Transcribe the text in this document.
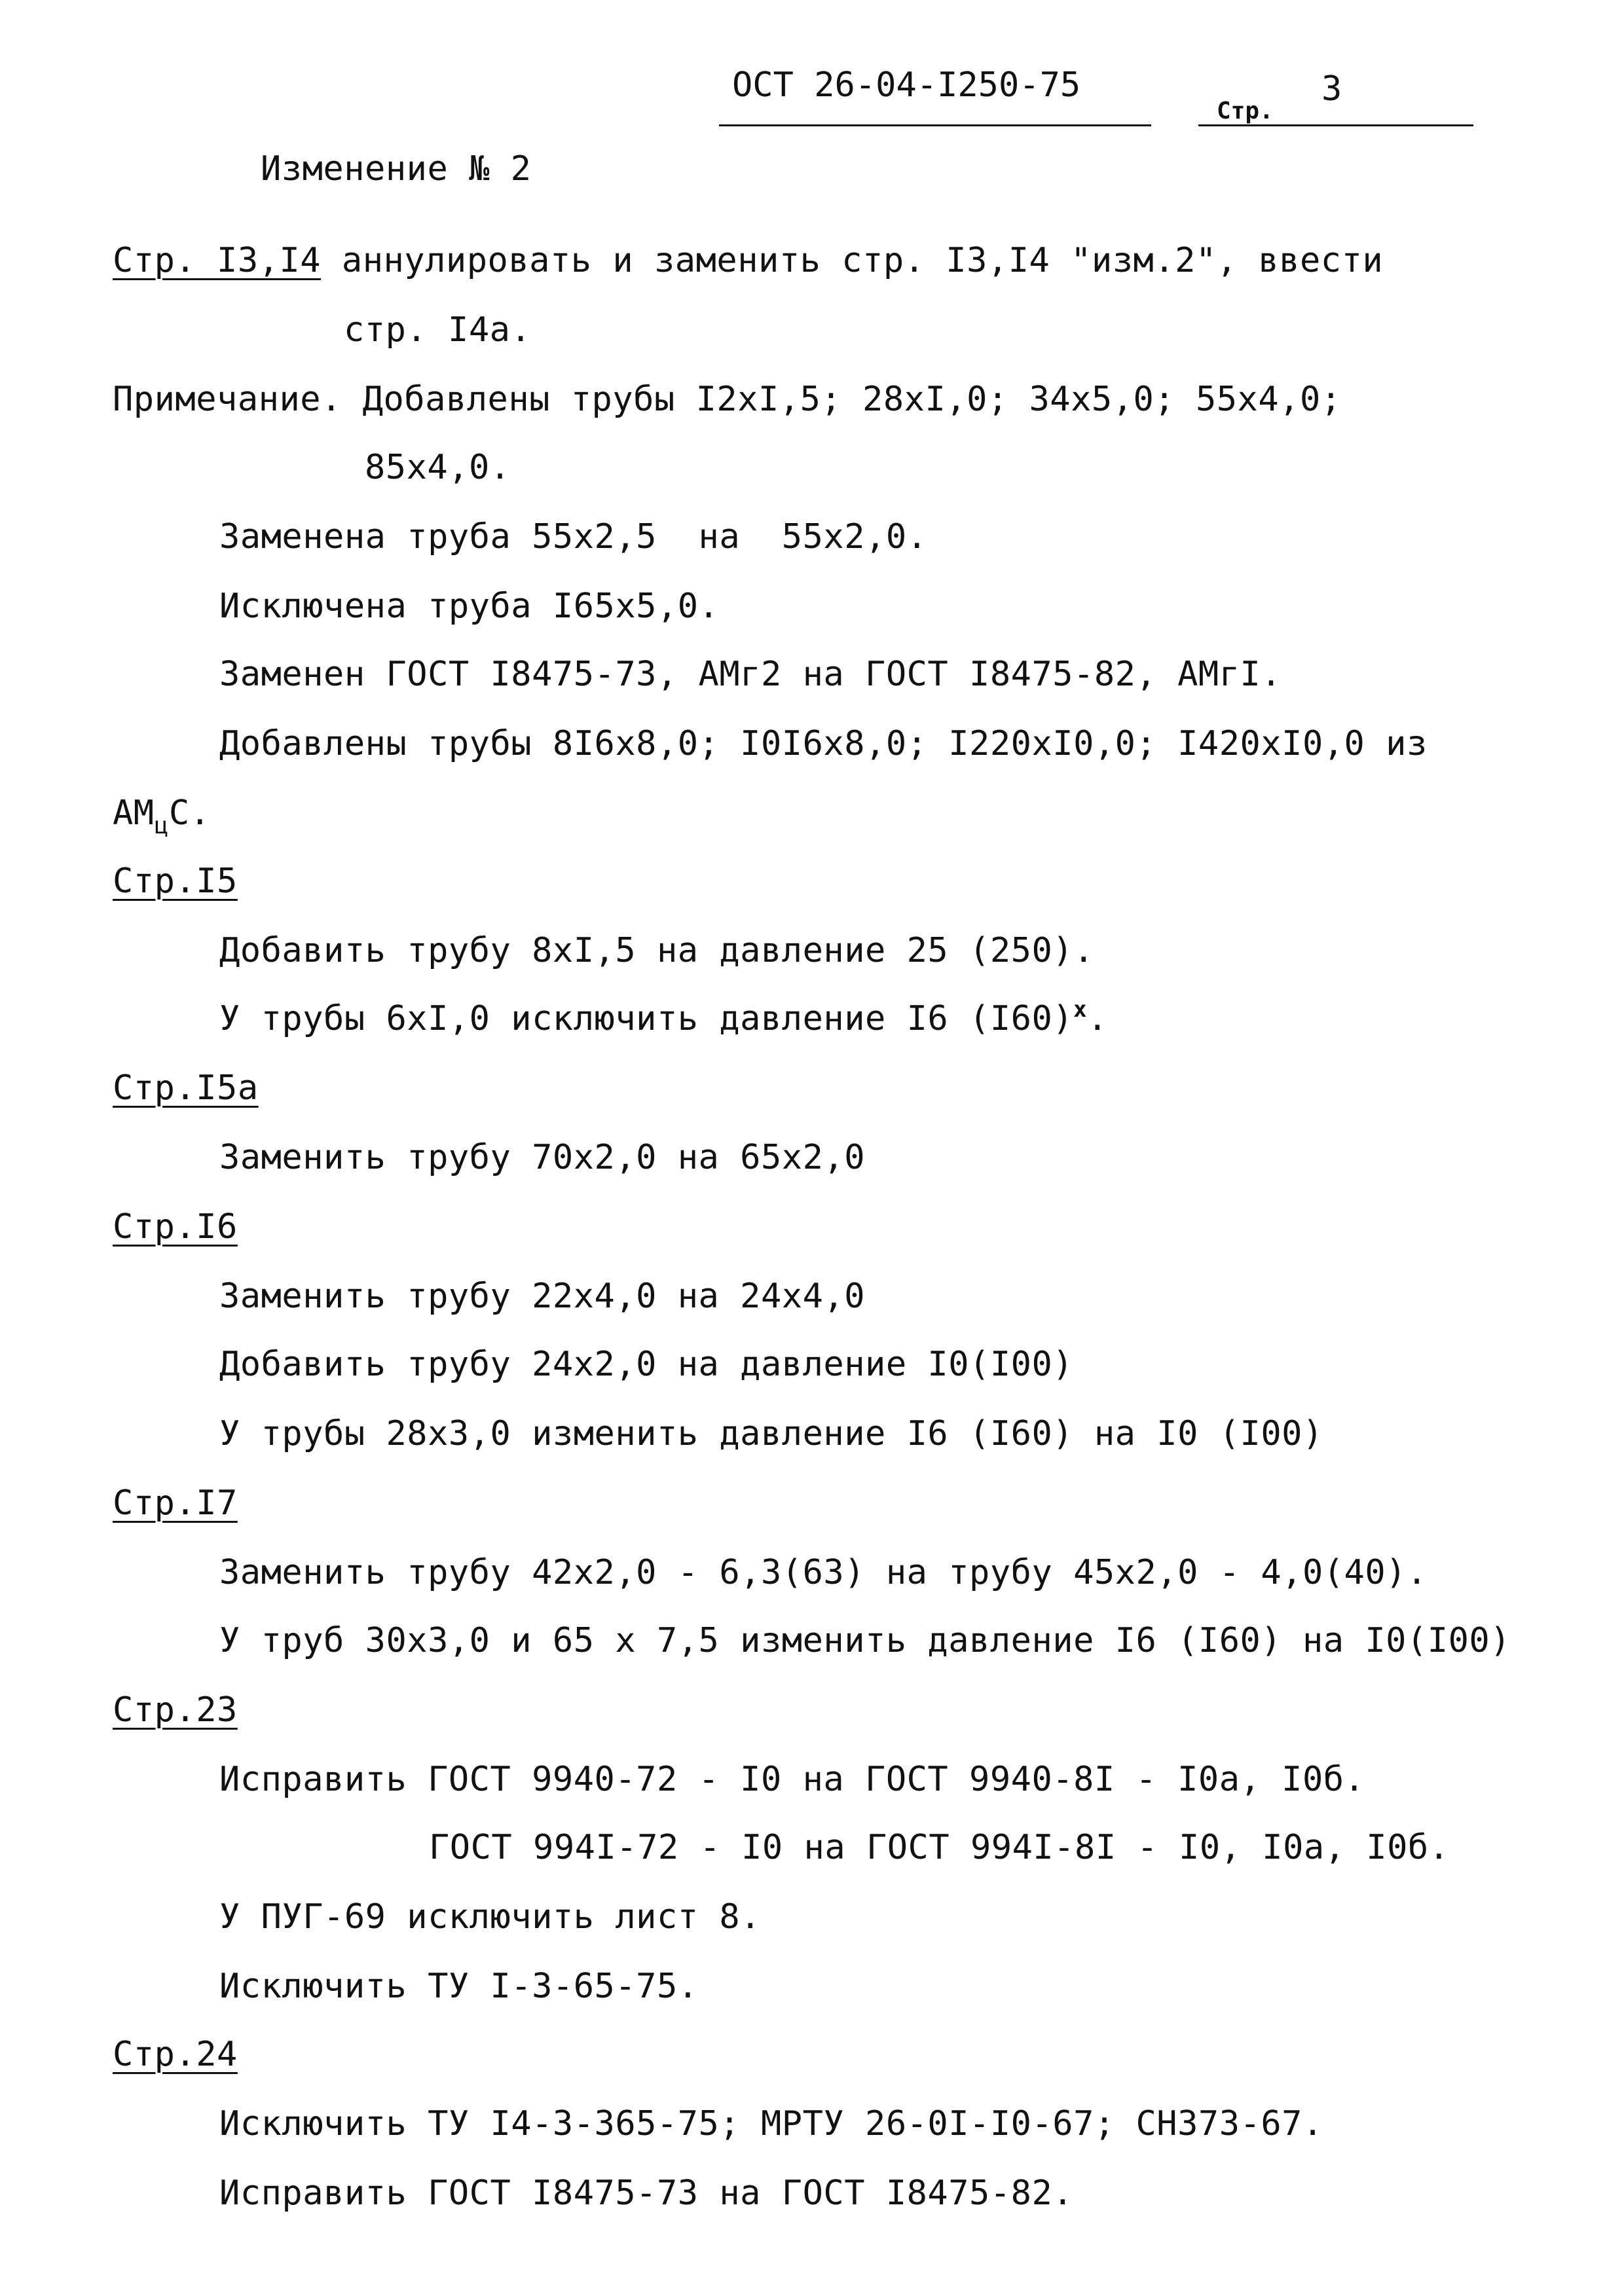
ОСТ 26-04-I250-75
Стр.
3
Изменение № 2
Стр. I3,I4 аннулировать и заменить стр. I3,I4 "изм.2", ввести
стр. I4а.
Примечание. Добавлены трубы I2xI,5; 28xI,0; 34x5,0; 55x4,0;
85x4,0.
Заменена труба 55x2,5  на  55x2,0.
Исключена труба I65x5,0.
Заменен ГОСТ I8475-73, АМг2 на ГОСТ I8475-82, АМгI.
Добавлены трубы 8I6x8,0; I0I6x8,0; I220xI0,0; I420xI0,0 из
$АМ_цС$.
Стр.I5
Добавить трубу 8xI,5 на давление 25 (250).
У трубы 6xI,0 исключить давление I6 $(I60)^x$.
Стр.I5а
Заменить трубу 70x2,0 на 65x2,0
Стр.I6
Заменить трубу 22x4,0 на 24x4,0
Добавить трубу 24x2,0 на давление I0(I00)
У трубы 28x3,0 изменить давление I6 (I60) на I0 (I00)
Стр.I7
Заменить трубу 42x2,0 - 6,3(63) на трубу 45x2,0 - 4,0(40).
У труб 30x3,0 и 65 x 7,5 изменить давление I6 (I60) на I0(I00)
Стр.23
Исправить ГОСТ 9940-72 - I0 на ГОСТ 9940-8I - I0а, I0б.
ГОСТ 994I-72 - I0 на ГОСТ 994I-8I - I0, I0а, I0б.
У ПУГ-69 исключить лист 8.
Исключить ТУ I-3-65-75.
Стр.24
Исключить ТУ I4-3-365-75; МРТУ 26-0I-I0-67; СН373-67.
Исправить ГОСТ I8475-73 на ГОСТ I8475-82.
